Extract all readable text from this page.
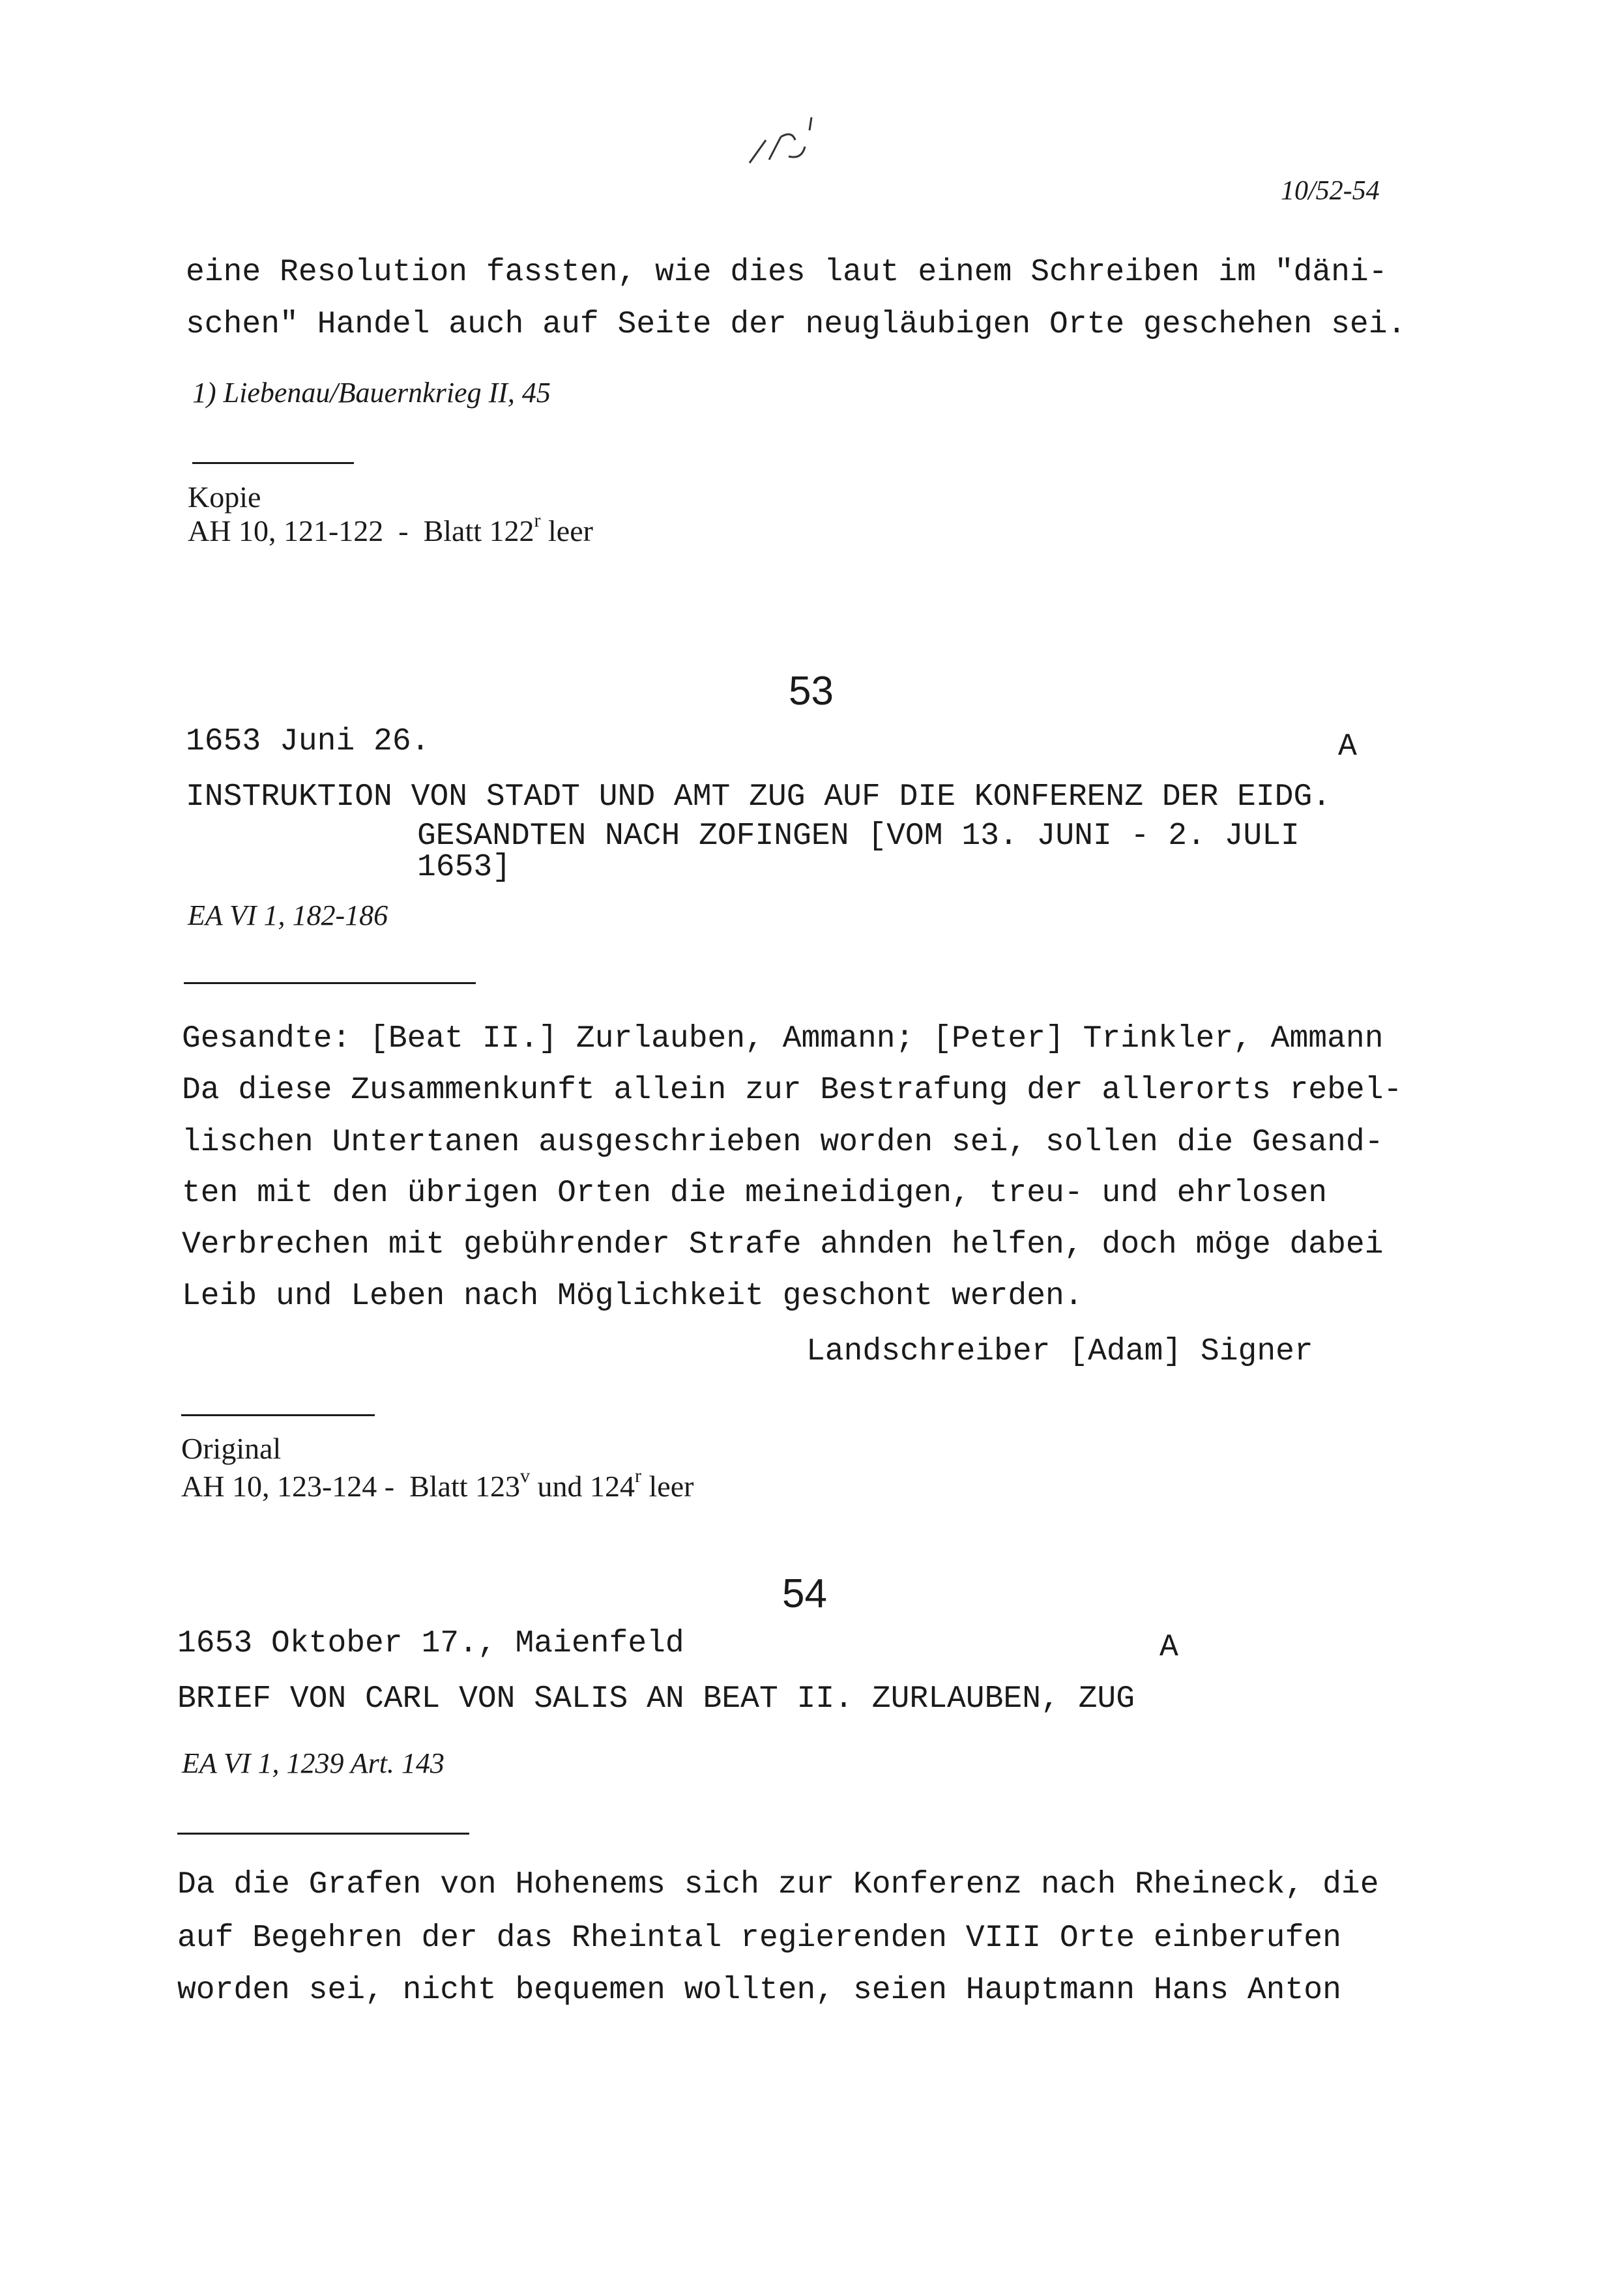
10/52-54
eine Resolution fassten, wie dies laut einem Schreiben im "däni-
schen" Handel auch auf Seite der neugläubigen Orte geschehen sei.
1) Liebenau/Bauernkrieg II, 45
Kopie
AH 10, 121-122  -  Blatt 122$^r$ leer
53
1653 Juni 26.	A
INSTRUKTION VON STADT UND AMT ZUG AUF DIE KONFERENZ DER EIDG.
GESANDTEN NACH ZOFINGEN [VOM 13. JUNI - 2. JULI
1653]
EA VI 1, 182-186
Gesandte: [Beat II.] Zurlauben, Ammann; [Peter] Trinkler, Ammann
Da diese Zusammenkunft allein zur Bestrafung der allerorts rebel-
lischen Untertanen ausgeschrieben worden sei, sollen die Gesand-
ten mit den übrigen Orten die meineidigen, treu- und ehrlosen
Verbrechen mit gebührender Strafe ahnden helfen, doch möge dabei
Leib und Leben nach Möglichkeit geschont werden.
Landschreiber [Adam] Signer
Original
AH 10, 123-124 -  Blatt 123$^v$ und 124$^r$ leer
54
1653 Oktober 17., Maienfeld	A
BRIEF VON CARL VON SALIS AN BEAT II. ZURLAUBEN, ZUG
EA VI 1, 1239 Art. 143
Da die Grafen von Hohenems sich zur Konferenz nach Rheineck, die
auf Begehren der das Rheintal regierenden VIII Orte einberufen
worden sei, nicht bequemen wollten, seien Hauptmann Hans Anton
